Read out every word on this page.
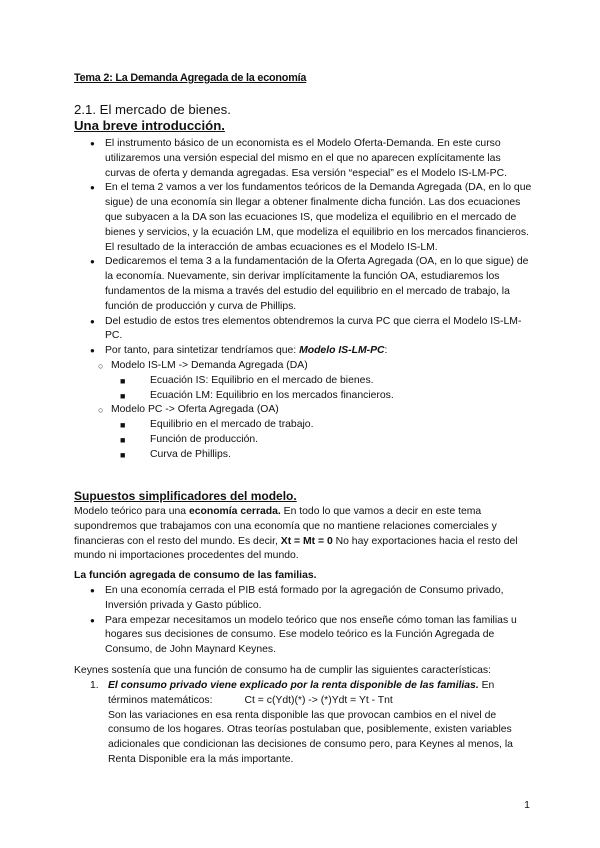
Tema 2: La Demanda Agregada de la economía
2.1. El mercado de bienes.
Una breve introducción.
● El instrumento básico de un economista es el Modelo Oferta-Demanda. En este curso utilizaremos una versión especial del mismo en el que no aparecen explícitamente las curvas de oferta y demanda agregadas. Esa versión “especial” es el Modelo IS-LM-PC.
● En el tema 2 vamos a ver los fundamentos teóricos de la Demanda Agregada (DA, en lo que sigue) de una economía sin llegar a obtener finalmente dicha función. Las dos ecuaciones que subyacen a la DA son las ecuaciones IS, que modeliza el equilibrio en el mercado de bienes y servicios, y la ecuación LM, que modeliza el equilibrio en los mercados financieros. El resultado de la interacción de ambas ecuaciones es el Modelo IS-LM.
● Dedicaremos el tema 3 a la fundamentación de la Oferta Agregada (OA, en lo que sigue) de la economía. Nuevamente, sin derivar implícitamente la función OA, estudiaremos los fundamentos de la misma a través del estudio del equilibrio en el mercado de trabajo, la función de producción y curva de Phillips.
● Del estudio de estos tres elementos obtendremos la curva PC que cierra el Modelo IS-LM-PC.
● Por tanto, para sintetizar tendríamos que: Modelo IS-LM-PC:
○ Modelo IS-LM -> Demanda Agregada (DA)
■ Ecuación IS: Equilibrio en el mercado de bienes.
■ Ecuación LM: Equilibrio en los mercados financieros.
○ Modelo PC -> Oferta Agregada (OA)
■ Equilibrio en el mercado de trabajo.
■ Función de producción.
■ Curva de Phillips.
Supuestos simplificadores del modelo.
Modelo teórico para una economía cerrada. En todo lo que vamos a decir en este tema supondremos que trabajamos con una economía que no mantiene relaciones comerciales y financieras con el resto del mundo. Es decir, Xt = Mt = 0 No hay exportaciones hacia el resto del mundo ni importaciones procedentes del mundo.
La función agregada de consumo de las familias.
● En una economía cerrada el PIB está formado por la agregación de Consumo privado, Inversión privada y Gasto público.
● Para empezar necesitamos un modelo teórico que nos enseñe cómo toman las familias u hogares sus decisiones de consumo. Ese modelo teórico es la Función Agregada de Consumo, de John Maynard Keynes.
Keynes sostenía que una función de consumo ha de cumplir las siguientes características:
1. El consumo privado viene explicado por la renta disponible de las familias. En
términos matemáticos:	Ct = c(Ydt)(*) -> (*)Ydt = Yt - Tnt
Son las variaciones en esa renta disponible las que provocan cambios en el nivel de consumo de los hogares. Otras teorías postulaban que, posiblemente, existen variables adicionales que condicionan las decisiones de consumo pero, para Keynes al menos, la Renta Disponible era la más importante.
1
